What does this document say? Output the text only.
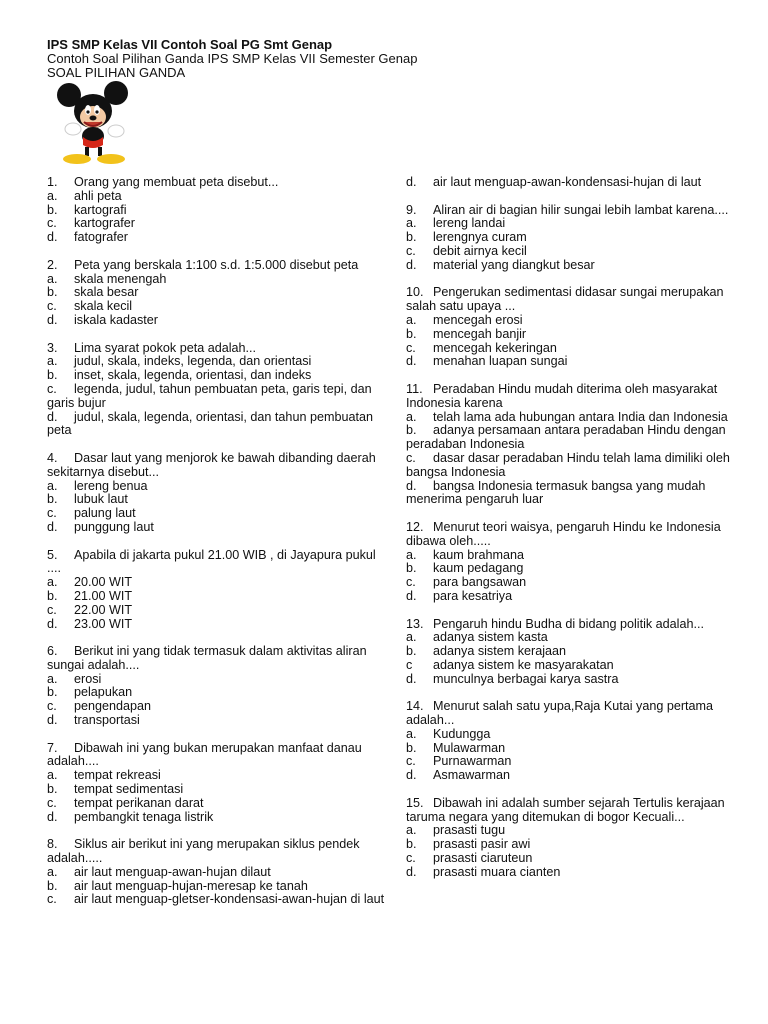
IPS SMP Kelas VII Contoh Soal PG Smt Genap
Contoh Soal Pilihan Ganda IPS SMP Kelas VII Semester Genap
SOAL PILIHAN GANDA
1. Orang yang membuat peta disebut...
a. ahli peta
b. kartografi
c. kartografer
d. fatografer
2. Peta yang berskala 1:100 s.d. 1:5.000 disebut peta
a. skala menengah
b. skala besar
c. skala kecil
d. iskala kadaster
3. Lima syarat pokok peta adalah...
a. judul, skala, indeks, legenda, dan orientasi
b. inset, skala, legenda, orientasi, dan indeks
c. legenda, judul, tahun pembuatan peta, garis tepi, dan garis bujur
d. judul, skala, legenda, orientasi, dan tahun pembuatan peta
4. Dasar laut yang menjorok ke bawah dibanding daerah sekitarnya disebut...
a. lereng benua
b. lubuk laut
c. palung laut
d. punggung laut
5. Apabila di jakarta pukul 21.00 WIB , di Jayapura pukul ....
a. 20.00 WIT
b. 21.00 WIT
c. 22.00 WIT
d. 23.00 WIT
6. Berikut ini yang tidak termasuk dalam aktivitas aliran sungai adalah....
a. erosi
b. pelapukan
c. pengendapan
d. transportasi
7. Dibawah ini yang bukan merupakan manfaat danau adalah....
a. tempat rekreasi
b. tempat sedimentasi
c. tempat perikanan darat
d. pembangkit tenaga listrik
8. Siklus air berikut ini yang merupakan siklus pendek adalah.....
a. air laut menguap-awan-hujan dilaut
b. air laut menguap-hujan-meresap ke tanah
c. air laut menguap-gletser-kondensasi-awan-hujan di laut
d. air laut menguap-awan-kondensasi-hujan di laut
9. Aliran air di bagian hilir sungai lebih lambat karena....
a. lereng landai
b. lerengnya curam
c. debit airnya kecil
d. material yang diangkut besar
10. Pengerukan sedimentasi didasar sungai merupakan salah satu upaya ...
a. mencegah erosi
b. mencegah banjir
c. mencegah kekeringan
d. menahan luapan sungai
11. Peradaban Hindu mudah diterima oleh masyarakat Indonesia karena
a. telah lama ada hubungan antara India dan Indonesia
b. adanya persamaan antara peradaban Hindu dengan peradaban Indonesia
c. dasar dasar peradaban Hindu telah lama dimiliki oleh bangsa Indonesia
d. bangsa Indonesia termasuk bangsa yang mudah menerima pengaruh luar
12. Menurut teori waisya, pengaruh Hindu ke Indonesia dibawa oleh.....
a. kaum brahmana
b. kaum pedagang
c. para bangsawan
d. para kesatriya
13. Pengaruh hindu Budha di bidang politik adalah...
a. adanya sistem kasta
b. adanya sistem kerajaan
c adanya sistem ke masyarakatan
d. munculnya berbagai karya sastra
14. Menurut salah satu yupa,Raja Kutai yang pertama adalah...
a. Kudungga
b. Mulawarman
c. Purnawarman
d. Asmawarman
15. Dibawah ini adalah sumber sejarah Tertulis kerajaan taruma negara yang ditemukan di bogor Kecuali...
a. prasasti tugu
b. prasasti pasir awi
c. prasasti ciaruteun
d. prasasti muara cianten
